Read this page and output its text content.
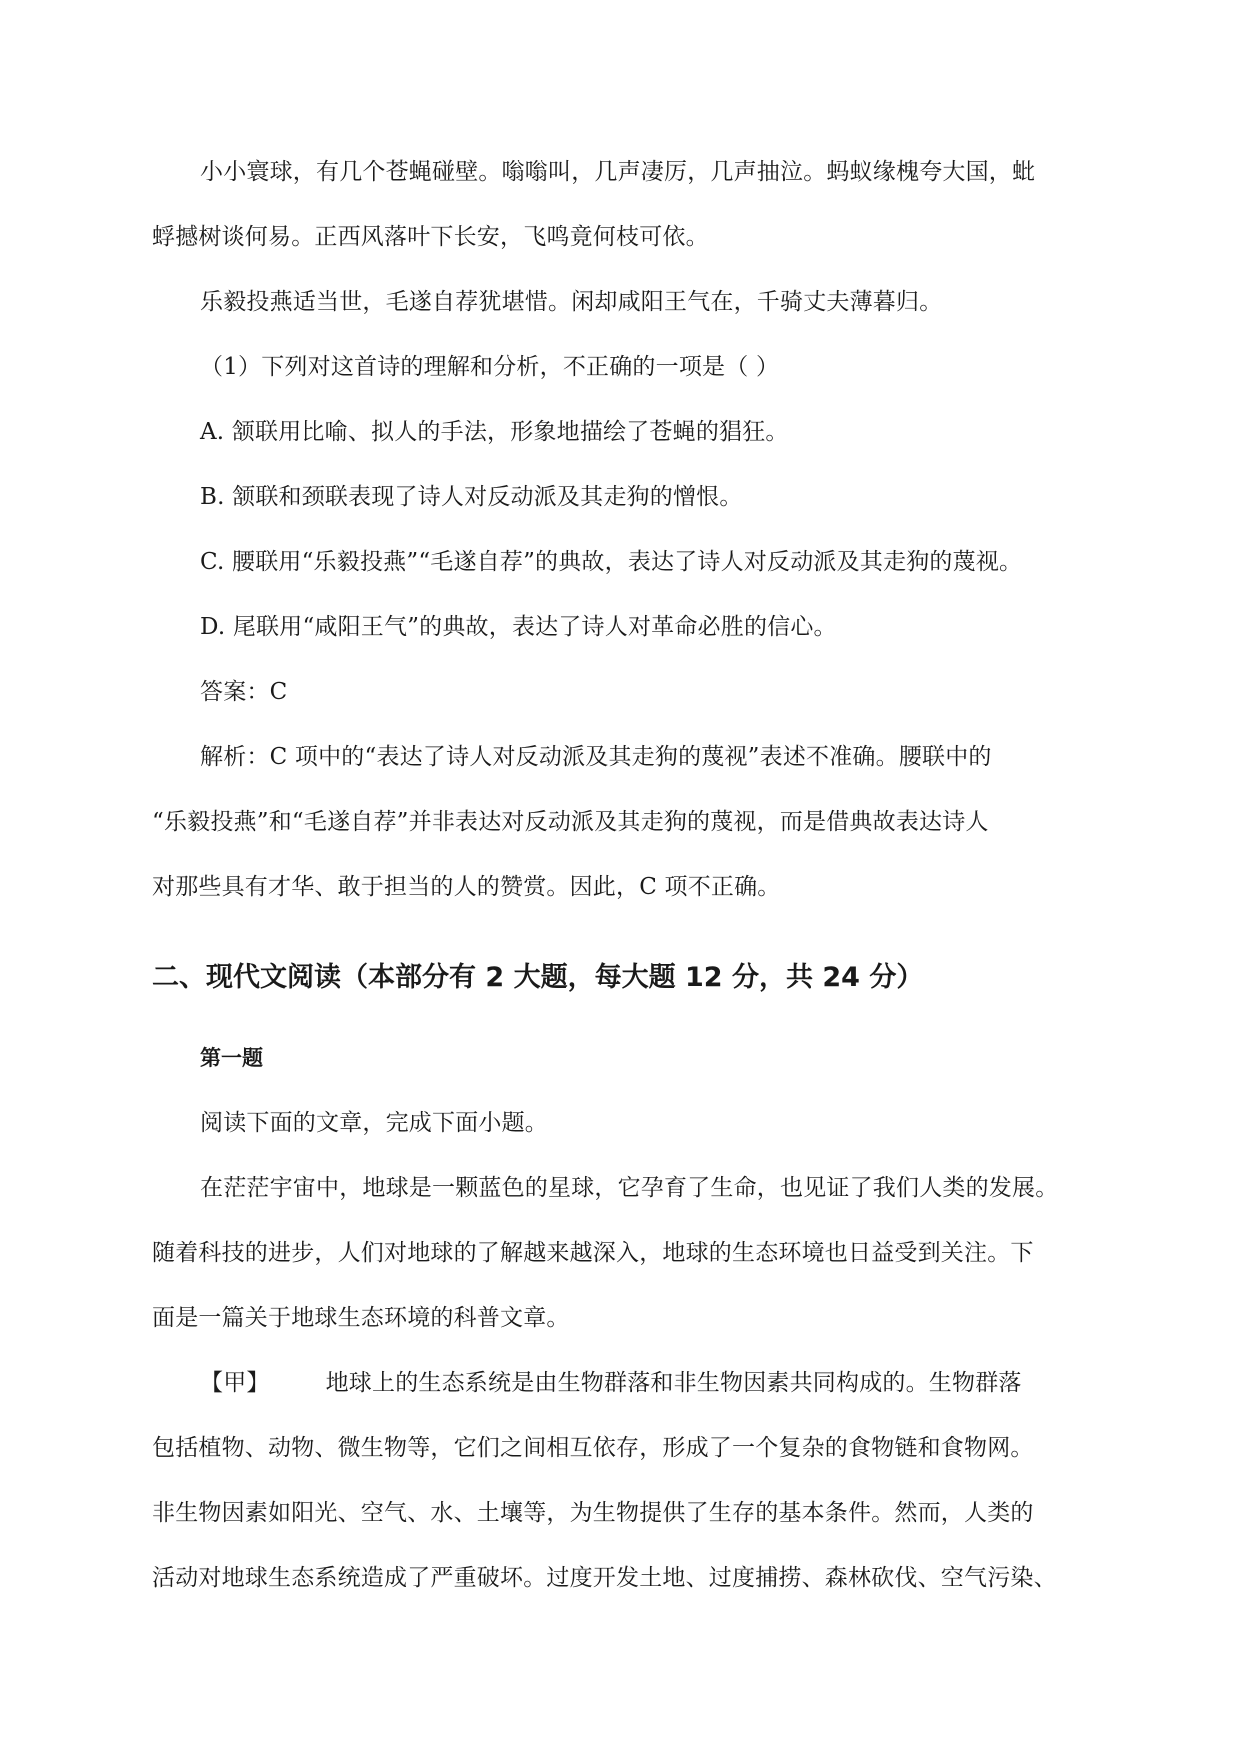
小小寰球，有几个苍蝇碰壁。嗡嗡叫，几声凄厉，几声抽泣。蚂蚁缘槐夸大国，蚍
蜉撼树谈何易。正西风落叶下长安，飞鸣竟何枝可依。
乐毅投燕适当世，毛遂自荐犹堪惜。闲却咸阳王气在，千骑丈夫薄暮归。
（1）下列对这首诗的理解和分析，不正确的一项是（ ）
A. 颔联用比喻、拟人的手法，形象地描绘了苍蝇的猖狂。
B. 颔联和颈联表现了诗人对反动派及其走狗的憎恨。
C. 腰联用“乐毅投燕”“毛遂自荐”的典故，表达了诗人对反动派及其走狗的蔑视。
D. 尾联用“咸阳王气”的典故，表达了诗人对革命必胜的信心。
答案：C
解析：C 项中的“表达了诗人对反动派及其走狗的蔑视”表述不准确。腰联中的
“乐毅投燕”和“毛遂自荐”并非表达对反动派及其走狗的蔑视，而是借典故表达诗人
对那些具有才华、敢于担当的人的赞赏。因此，C 项不正确。
二、现代文阅读（本部分有 2 大题，每大题 12 分，共 24 分）
第一题
阅读下面的文章，完成下面小题。
在茫茫宇宙中，地球是一颗蓝色的星球，它孕育了生命，也见证了我们人类的发展。
随着科技的进步，人们对地球的了解越来越深入，地球的生态环境也日益受到关注。下
面是一篇关于地球生态环境的科普文章。
【甲】 地球上的生态系统是由生物群落和非生物因素共同构成的。生物群落
包括植物、动物、微生物等，它们之间相互依存，形成了一个复杂的食物链和食物网。
非生物因素如阳光、空气、水、土壤等，为生物提供了生存的基本条件。然而，人类的
活动对地球生态系统造成了严重破坏。过度开发土地、过度捕捞、森林砍伐、空气污染、
